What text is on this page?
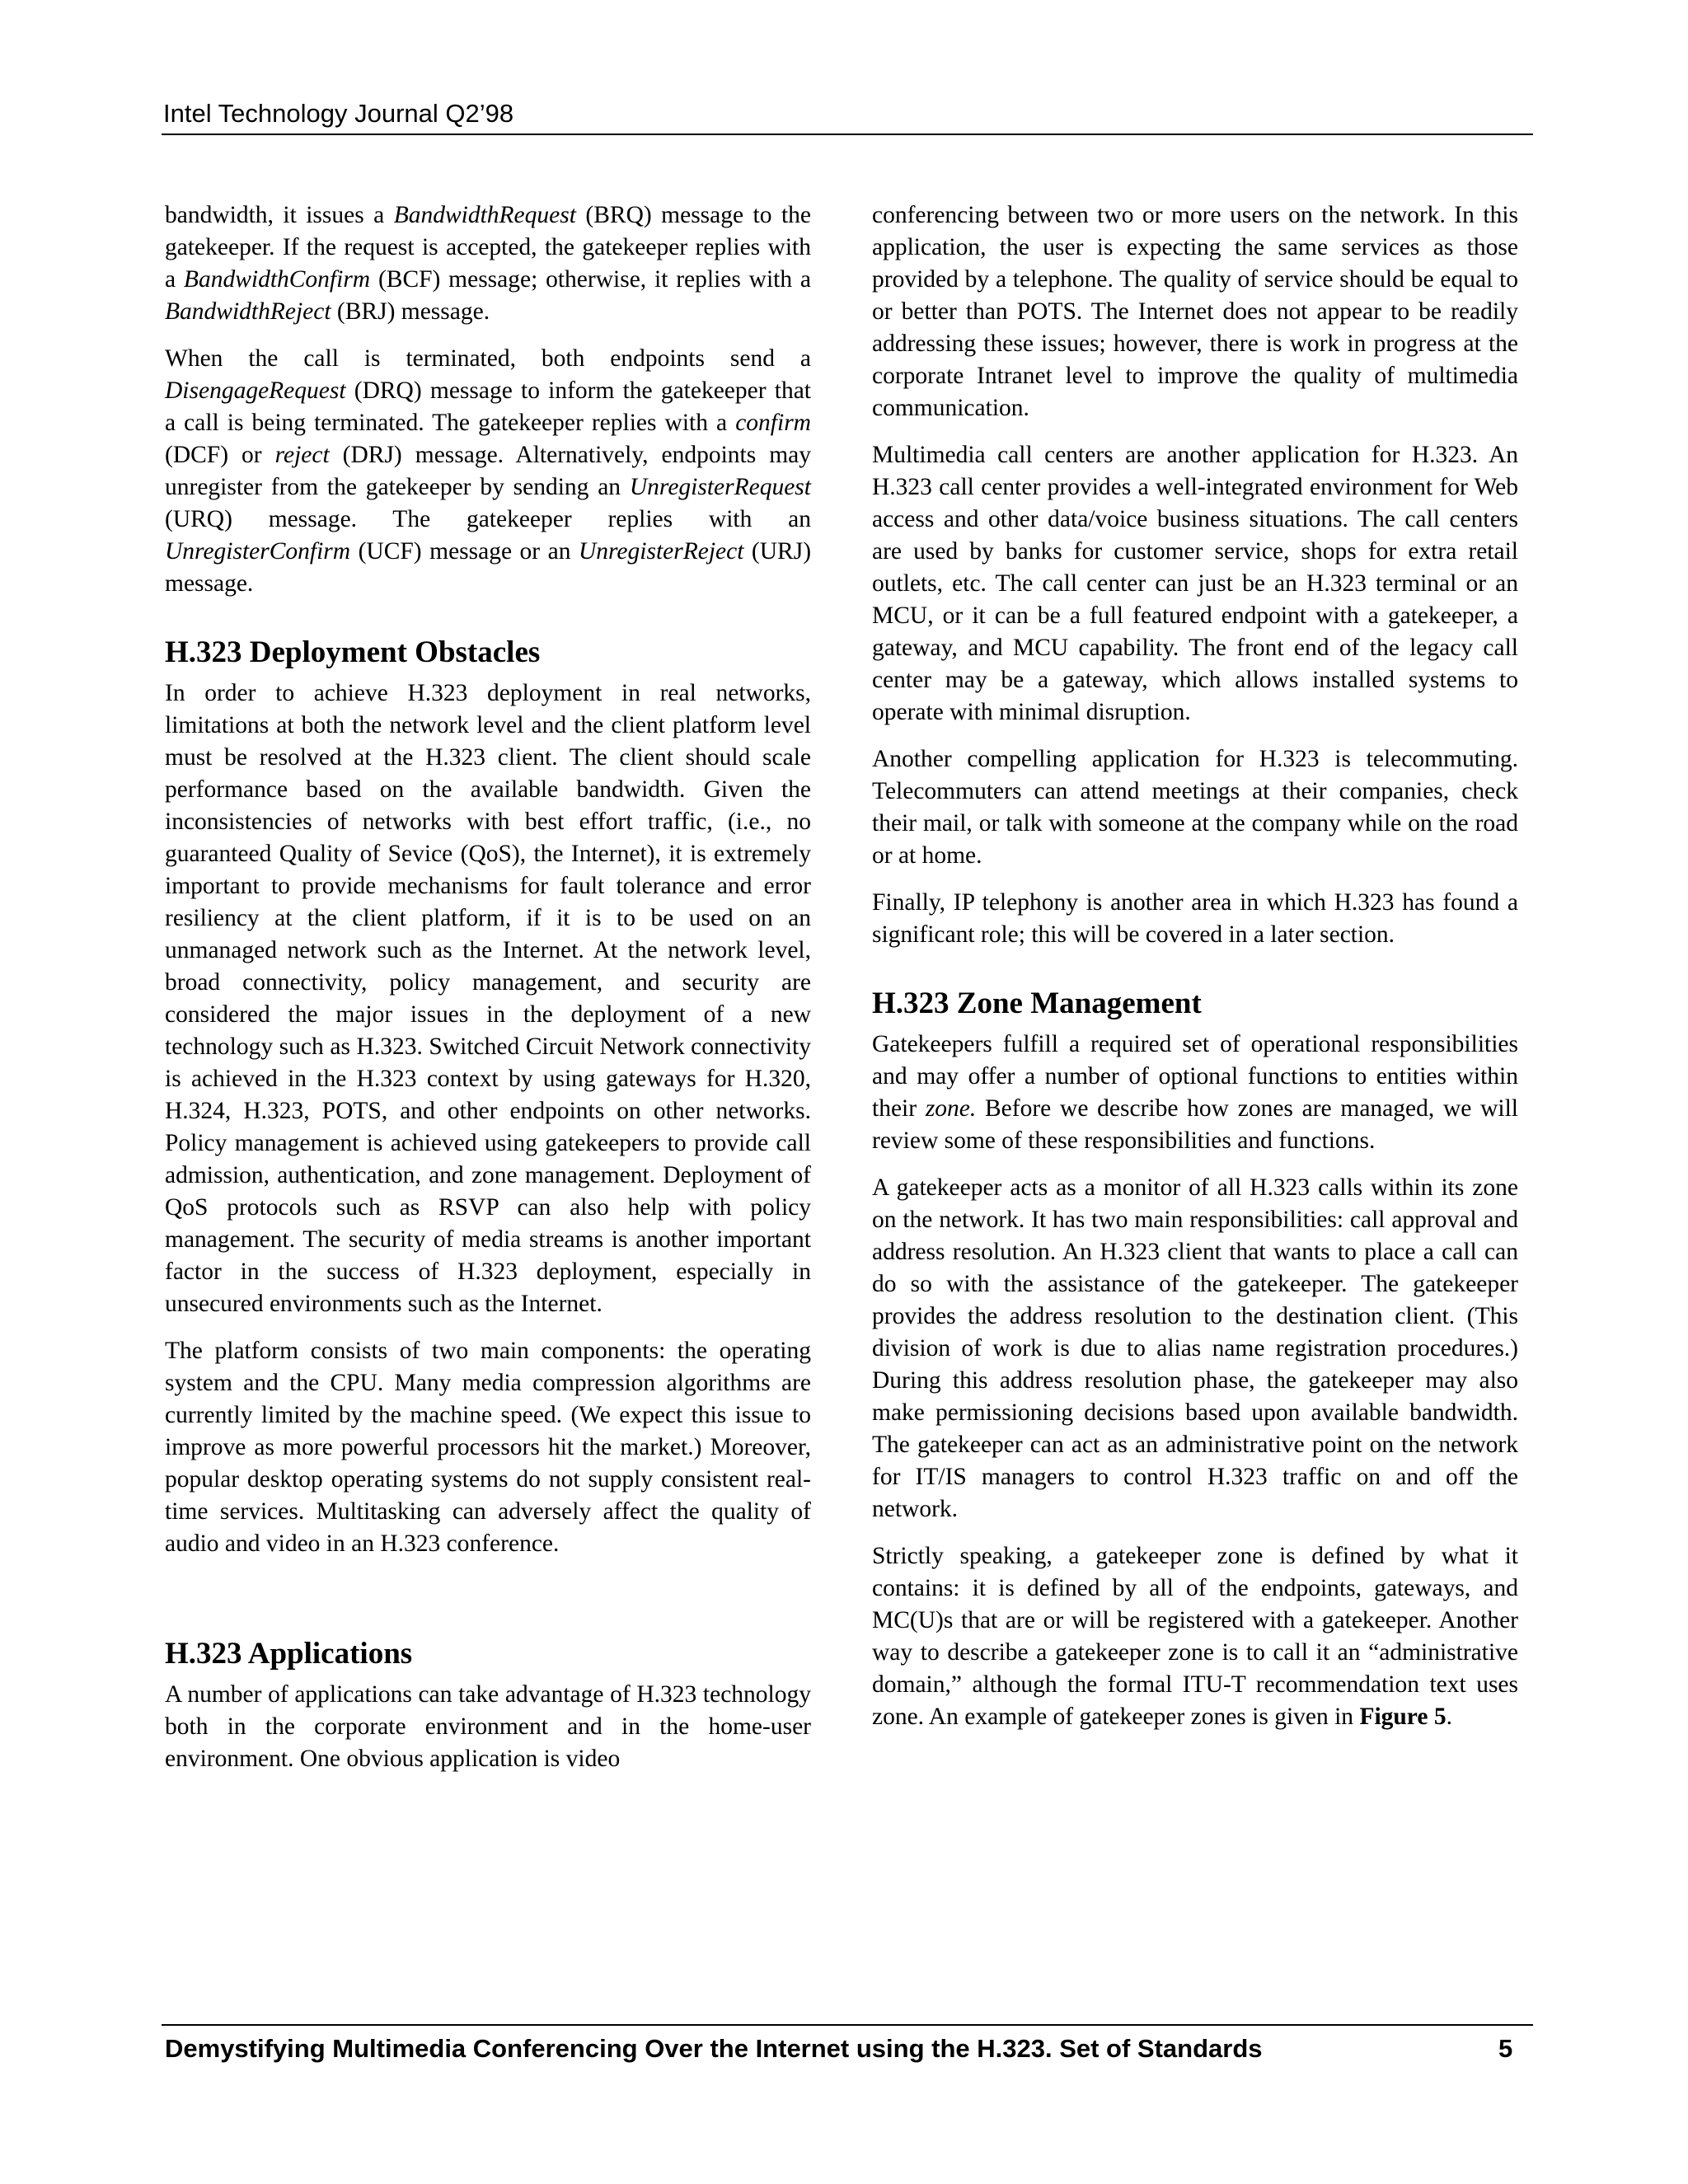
Intel Technology Journal Q2’98

bandwidth, it issues a BandwidthRequest (BRQ) message to the gatekeeper. If the request is accepted, the gatekeeper replies with a BandwidthConfirm (BCF) message; otherwise, it replies with a BandwidthReject (BRJ) message.

When the call is terminated, both endpoints send a DisengageRequest (DRQ) message to inform the gatekeeper that a call is being terminated. The gatekeeper replies with a confirm (DCF) or reject (DRJ) message. Alternatively, endpoints may unregister from the gatekeeper by sending an UnregisterRequest (URQ) message. The gatekeeper replies with an UnregisterConfirm (UCF) message or an UnregisterReject (URJ) message.

H.323 Deployment Obstacles

In order to achieve H.323 deployment in real networks, limitations at both the network level and the client platform level must be resolved at the H.323 client. The client should scale performance based on the available bandwidth. Given the inconsistencies of networks with best effort traffic, (i.e., no guaranteed Quality of Sevice (QoS), the Internet), it is extremely important to provide mechanisms for fault tolerance and error resiliency at the client platform, if it is to be used on an unmanaged network such as the Internet. At the network level, broad connectivity, policy management, and security are considered the major issues in the deployment of a new technology such as H.323. Switched Circuit Network connectivity is achieved in the H.323 context by using gateways for H.320, H.324, H.323, POTS, and other endpoints on other networks. Policy management is achieved using gatekeepers to provide call admission, authentication, and zone management. Deployment of QoS protocols such as RSVP can also help with policy management. The security of media streams is another important factor in the success of H.323 deployment, especially in unsecured environments such as the Internet.

The platform consists of two main components: the operating system and the CPU. Many media compression algorithms are currently limited by the machine speed. (We expect this issue to improve as more powerful processors hit the market.) Moreover, popular desktop operating systems do not supply consistent real-time services. Multitasking can adversely affect the quality of audio and video in an H.323 conference.

H.323 Applications

A number of applications can take advantage of H.323 technology both in the corporate environment and in the home-user environment. One obvious application is video

conferencing between two or more users on the network. In this application, the user is expecting the same services as those provided by a telephone. The quality of service should be equal to or better than POTS. The Internet does not appear to be readily addressing these issues; however, there is work in progress at the corporate Intranet level to improve the quality of multimedia communication.

Multimedia call centers are another application for H.323. An H.323 call center provides a well-integrated environment for Web access and other data/voice business situations. The call centers are used by banks for customer service, shops for extra retail outlets, etc. The call center can just be an H.323 terminal or an MCU, or it can be a full featured endpoint with a gatekeeper, a gateway, and MCU capability. The front end of the legacy call center may be a gateway, which allows installed systems to operate with minimal disruption.

Another compelling application for H.323 is telecommuting. Telecommuters can attend meetings at their companies, check their mail, or talk with someone at the company while on the road or at home.

Finally, IP telephony is another area in which H.323 has found a significant role; this will be covered in a later section.

H.323 Zone Management

Gatekeepers fulfill a required set of operational responsibilities and may offer a number of optional functions to entities within their zone. Before we describe how zones are managed, we will review some of these responsibilities and functions.

A gatekeeper acts as a monitor of all H.323 calls within its zone on the network. It has two main responsibilities: call approval and address resolution. An H.323 client that wants to place a call can do so with the assistance of the gatekeeper. The gatekeeper provides the address resolution to the destination client. (This division of work is due to alias name registration procedures.) During this address resolution phase, the gatekeeper may also make permissioning decisions based upon available bandwidth. The gatekeeper can act as an administrative point on the network for IT/IS managers to control H.323 traffic on and off the network.

Strictly speaking, a gatekeeper zone is defined by what it contains: it is defined by all of the endpoints, gateways, and MC(U)s that are or will be registered with a gatekeeper. Another way to describe a gatekeeper zone is to call it an “administrative domain,” although the formal ITU-T recommendation text uses zone. An example of gatekeeper zones is given in Figure 5.

Demystifying Multimedia Conferencing Over the Internet using the H.323. Set of Standards	5
